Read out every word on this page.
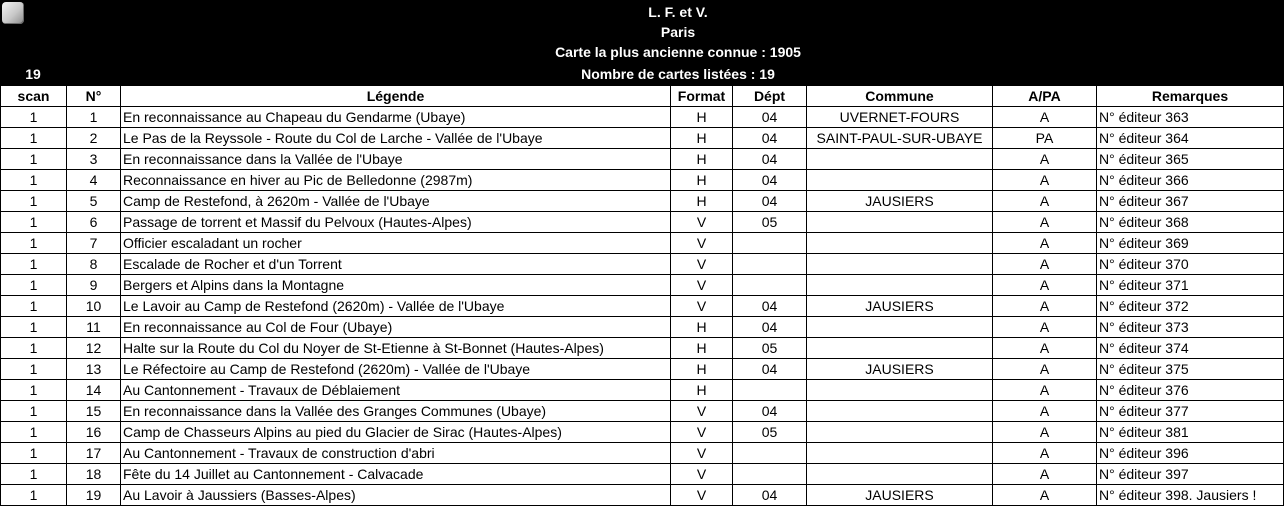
L. F. et V.
Paris
Carte la plus ancienne connue : 1905
Nombre de cartes listées : 19
19
scan	N°	Légende	Format	Dépt	Commune	A/PA	Remarques
1	1	En reconnaissance au Chapeau du Gendarme (Ubaye)	H	04	UVERNET-FOURS	A	N° éditeur 363
1	2	Le Pas de la Reyssole - Route du Col de Larche - Vallée de l'Ubaye	H	04	SAINT-PAUL-SUR-UBAYE	PA	N° éditeur 364
1	3	En reconnaissance dans la Vallée de l'Ubaye	H	04		A	N° éditeur 365
1	4	Reconnaissance en hiver au Pic de Belledonne (2987m)	H	04		A	N° éditeur 366
1	5	Camp de Restefond, à 2620m - Vallée de l'Ubaye	H	04	JAUSIERS	A	N° éditeur 367
1	6	Passage de torrent et Massif du Pelvoux (Hautes-Alpes)	V	05		A	N° éditeur 368
1	7	Officier escaladant un rocher	V			A	N° éditeur 369
1	8	Escalade de Rocher et d'un Torrent	V			A	N° éditeur 370
1	9	Bergers et Alpins dans la Montagne	V			A	N° éditeur 371
1	10	Le Lavoir au Camp de Restefond (2620m) - Vallée de l'Ubaye	V	04	JAUSIERS	A	N° éditeur 372
1	11	En reconnaissance au Col de Four (Ubaye)	H	04		A	N° éditeur 373
1	12	Halte sur la Route du Col du Noyer de St-Etienne à St-Bonnet (Hautes-Alpes)	H	05		A	N° éditeur 374
1	13	Le Réfectoire au Camp de Restefond (2620m) - Vallée de l'Ubaye	H	04	JAUSIERS	A	N° éditeur 375
1	14	Au Cantonnement - Travaux de Déblaiement	H			A	N° éditeur 376
1	15	En reconnaissance dans la Vallée des Granges Communes (Ubaye)	V	04		A	N° éditeur 377
1	16	Camp de Chasseurs Alpins au pied du Glacier de Sirac (Hautes-Alpes)	V	05		A	N° éditeur 381
1	17	Au Cantonnement - Travaux de construction d'abri	V			A	N° éditeur 396
1	18	Fête du 14 Juillet au Cantonnement - Calvacade	V			A	N° éditeur 397
1	19	Au Lavoir à Jaussiers (Basses-Alpes)	V	04	JAUSIERS	A	N° éditeur 398. Jausiers !
